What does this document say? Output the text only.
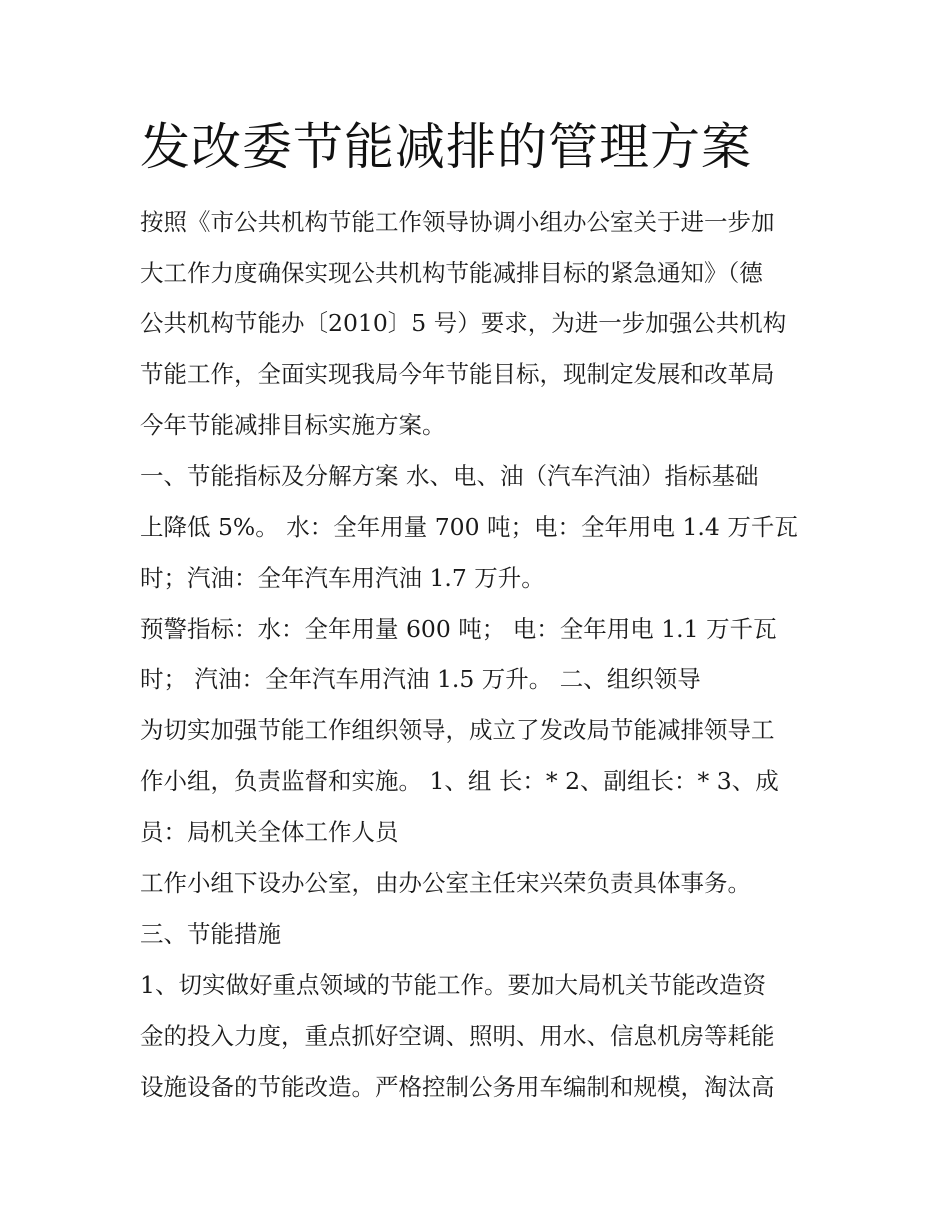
发改委节能减排的管理方案
按照《市公共机构节能工作领导协调小组办公室关于进一步加
大工作力度确保实现公共机构节能减排目标的紧急通知》（德
公共机构节能办〔2010〕5 号）要求，为进一步加强公共机构
节能工作，全面实现我局今年节能目标，现制定发展和改革局
今年节能减排目标实施方案。
一、节能指标及分解方案 水、电、油（汽车汽油）指标基础
上降低 5%。 水：全年用量 700 吨；电：全年用电 1.4 万千瓦
时；汽油：全年汽车用汽油 1.7 万升。
预警指标：水：全年用量 600 吨； 电：全年用电 1.1 万千瓦
时； 汽油：全年汽车用汽油 1.5 万升。 二、组织领导
为切实加强节能工作组织领导，成立了发改局节能减排领导工
作小组，负责监督和实施。 1、组 长：* 2、副组长：* 3、成
员：局机关全体工作人员
工作小组下设办公室，由办公室主任宋兴荣负责具体事务。
三、节能措施
1、切实做好重点领域的节能工作。要加大局机关节能改造资
金的投入力度，重点抓好空调、照明、用水、信息机房等耗能
设施设备的节能改造。严格控制公务用车编制和规模，淘汰高
